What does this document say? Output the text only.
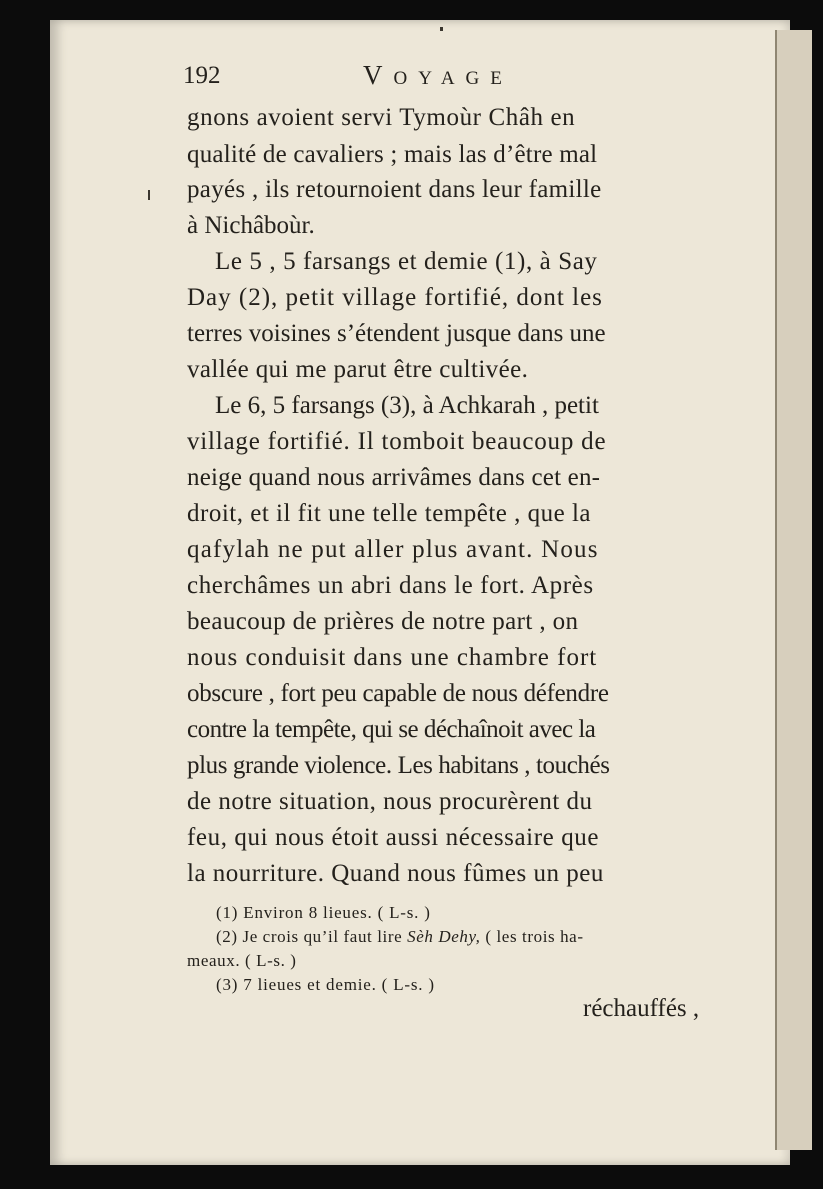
192	Voyage
gnons avoient servi Tymoùr Châh en
qualité de cavaliers ; mais las d’être mal
payés , ils retournoient dans leur famille
à Nichâboùr.
Le 5 , 5 farsangs et demie (1), à Say
Day (2), petit village fortifié, dont les
terres voisines s’étendent jusque dans une
vallée qui me parut être cultivée.
Le 6, 5 farsangs (3), à Achkarah , petit
village fortifié. Il tomboit beaucoup de
neige quand nous arrivâmes dans cet en-
droit, et il fit une telle tempête , que la
qafylah ne put aller plus avant. Nous
cherchâmes un abri dans le fort. Après
beaucoup de prières de notre part , on
nous conduisit dans une chambre fort
obscure , fort peu capable de nous défendre
contre la tempête, qui se déchaînoit avec la
plus grande violence. Les habitans , touchés
de notre situation, nous procurèrent du
feu, qui nous étoit aussi nécessaire que
la nourriture. Quand nous fûmes un peu
(1) Environ 8 lieues. ( L-s. )
(2) Je crois qu’il faut lire Sèh Dehy, ( les trois ha-
meaux. ( L-s. )
(3) 7 lieues et demie. ( L-s. )
réchauffés ,
